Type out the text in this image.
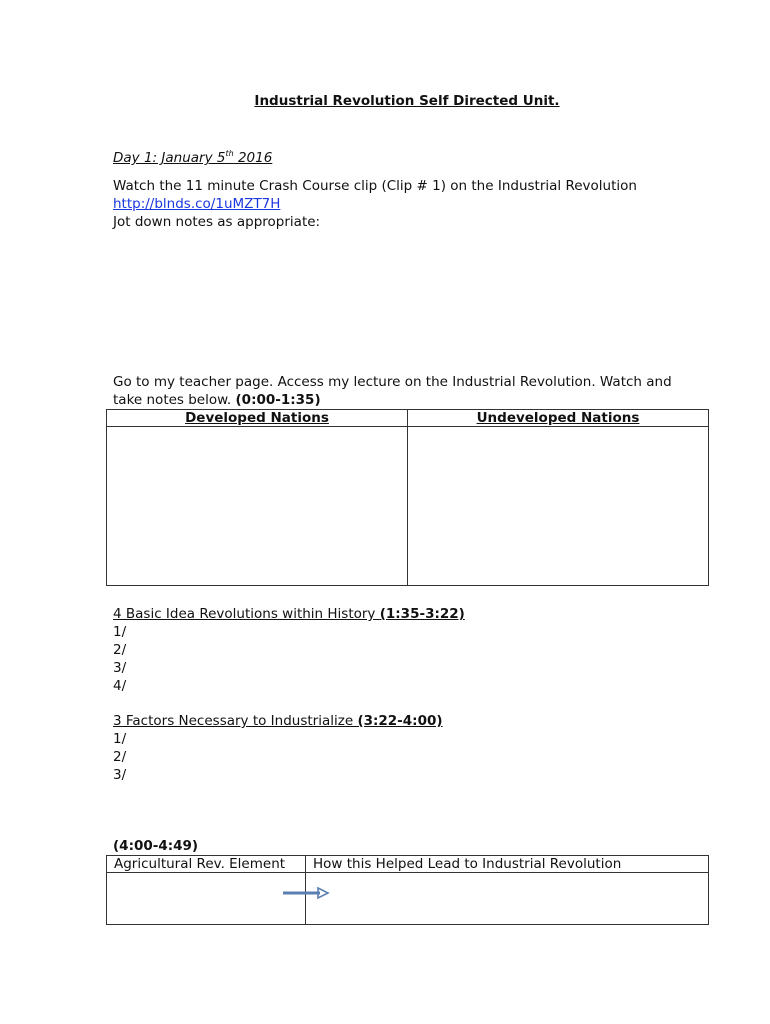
Industrial Revolution Self Directed Unit.
Day 1: January 5th 2016
Watch the 11 minute Crash Course clip (Clip # 1) on the Industrial Revolution
http://blnds.co/1uMZT7H
Jot down notes as appropriate:
Go to my teacher page. Access my lecture on the Industrial Revolution. Watch and
take notes below. (0:00-1:35)
Developed Nations	Undeveloped Nations

4 Basic Idea Revolutions within History (1:35-3:22)
1/
2/
3/
4/
3 Factors Necessary to Industrialize (3:22-4:00)
1/
2/
3/
(4:00-4:49)
Agricultural Rev. Element	How this Helped Lead to Industrial Revolution
